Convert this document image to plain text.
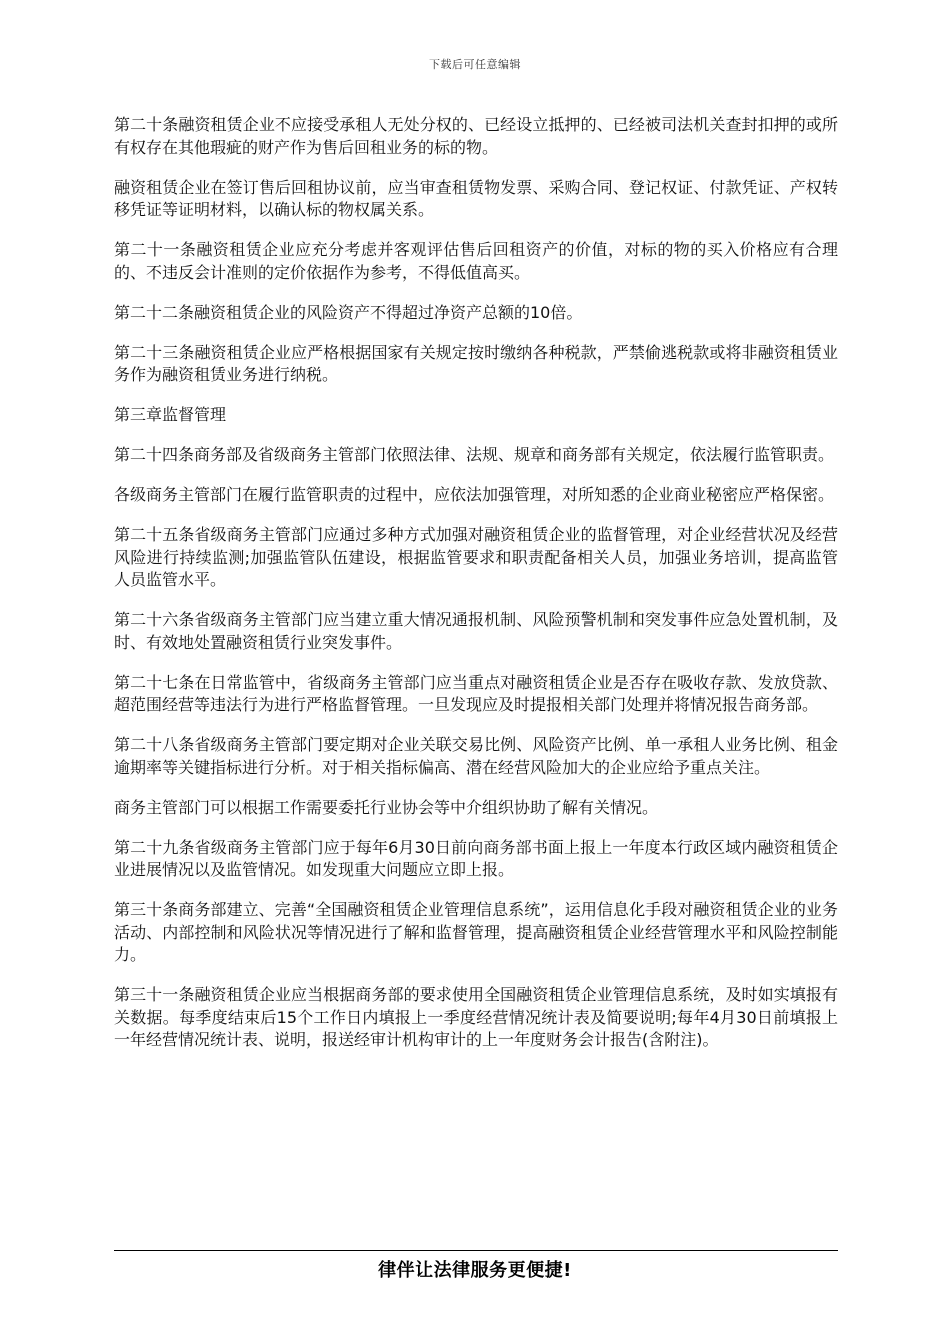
下载后可任意编辑

第二十条融资租赁企业不应接受承租人无处分权的、已经设立抵押的、已经被司法机关查封扣押的或所有权存在其他瑕疵的财产作为售后回租业务的标的物。

融资租赁企业在签订售后回租协议前，应当审查租赁物发票、采购合同、登记权证、付款凭证、产权转移凭证等证明材料，以确认标的物权属关系。

第二十一条融资租赁企业应充分考虑并客观评估售后回租资产的价值，对标的物的买入价格应有合理的、不违反会计准则的定价依据作为参考，不得低值高买。

第二十二条融资租赁企业的风险资产不得超过净资产总额的10倍。

第二十三条融资租赁企业应严格根据国家有关规定按时缴纳各种税款，严禁偷逃税款或将非融资租赁业务作为融资租赁业务进行纳税。

第三章监督管理

第二十四条商务部及省级商务主管部门依照法律、法规、规章和商务部有关规定，依法履行监管职责。

各级商务主管部门在履行监管职责的过程中，应依法加强管理，对所知悉的企业商业秘密应严格保密。

第二十五条省级商务主管部门应通过多种方式加强对融资租赁企业的监督管理，对企业经营状况及经营风险进行持续监测;加强监管队伍建设，根据监管要求和职责配备相关人员，加强业务培训，提高监管人员监管水平。

第二十六条省级商务主管部门应当建立重大情况通报机制、风险预警机制和突发事件应急处置机制，及时、有效地处置融资租赁行业突发事件。

第二十七条在日常监管中，省级商务主管部门应当重点对融资租赁企业是否存在吸收存款、发放贷款、超范围经营等违法行为进行严格监督管理。一旦发现应及时提报相关部门处理并将情况报告商务部。

第二十八条省级商务主管部门要定期对企业关联交易比例、风险资产比例、单一承租人业务比例、租金逾期率等关键指标进行分析。对于相关指标偏高、潜在经营风险加大的企业应给予重点关注。

商务主管部门可以根据工作需要委托行业协会等中介组织协助了解有关情况。

第二十九条省级商务主管部门应于每年6月30日前向商务部书面上报上一年度本行政区域内融资租赁企业进展情况以及监管情况。如发现重大问题应立即上报。

第三十条商务部建立、完善“全国融资租赁企业管理信息系统”，运用信息化手段对融资租赁企业的业务活动、内部控制和风险状况等情况进行了解和监督管理，提高融资租赁企业经营管理水平和风险控制能力。

第三十一条融资租赁企业应当根据商务部的要求使用全国融资租赁企业管理信息系统，及时如实填报有关数据。每季度结束后15个工作日内填报上一季度经营情况统计表及简要说明;每年4月30日前填报上一年经营情况统计表、说明，报送经审计机构审计的上一年度财务会计报告(含附注)。

律伴让法律服务更便捷!
